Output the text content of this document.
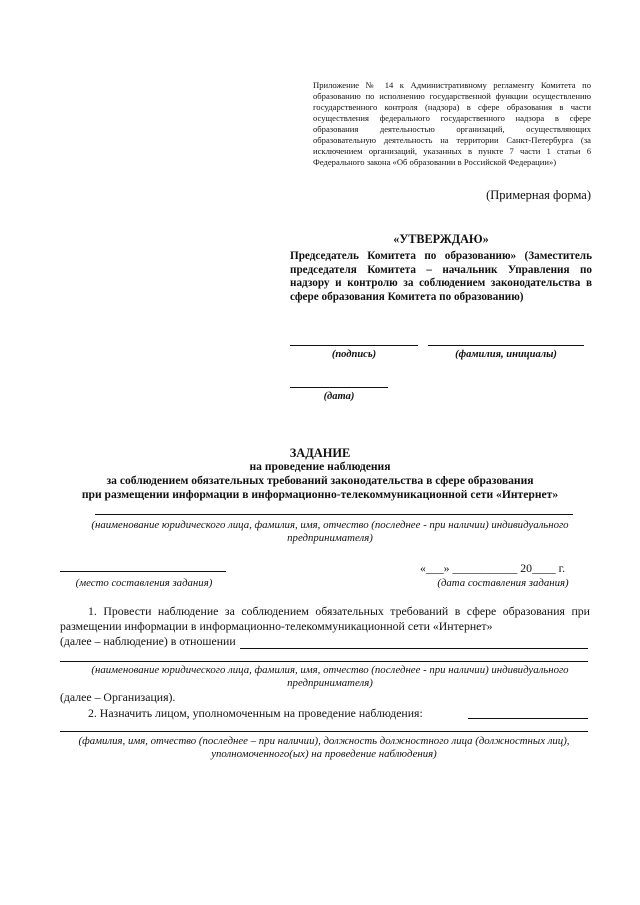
Приложение № 14 к Административному регламенту Комитета по образованию по исполнению государственной функции осуществлению государственного контроля (надзора) в сфере образования в части осуществления федерального государственного надзора в сфере образования деятельностью организаций, осуществляющих образовательную деятельность на территории Санкт-Петербурга (за исключением организаций, указанных в пункте 7 части 1 статьи 6 Федерального закона «Об образовании в Российской Федерации»)
(Примерная форма)
«УТВЕРЖДАЮ»
Председатель Комитета по образованию» (Заместитель председателя Комитета – начальник Управления по надзору и контролю за соблюдением законодательства в сфере образования Комитета по образованию)
(подпись)	(фамилия, инициалы)
(дата)
ЗАДАНИЕ
на проведение наблюдения
за соблюдением обязательных требований законодательства в сфере образования
при размещении информации в информационно-телекоммуникационной сети «Интернет»
(наименование юридического лица, фамилия, имя, отчество (последнее - при наличии) индивидуального предпринимателя)
«___» ___________ 20____ г.
(место составления задания)	(дата составления задания)
1. Провести наблюдение за соблюдением обязательных требований в сфере образования при размещении информации в информационно-телекоммуникационной сети «Интернет»
(далее – наблюдение) в отношении
(наименование юридического лица, фамилия, имя, отчество (последнее - при наличии) индивидуального предпринимателя)
(далее – Организация).
2. Назначить лицом, уполномоченным на проведение наблюдения:
(фамилия, имя, отчество (последнее – при наличии), должность должностного лица (должностных лиц), уполномоченного(ых) на проведение наблюдения)
